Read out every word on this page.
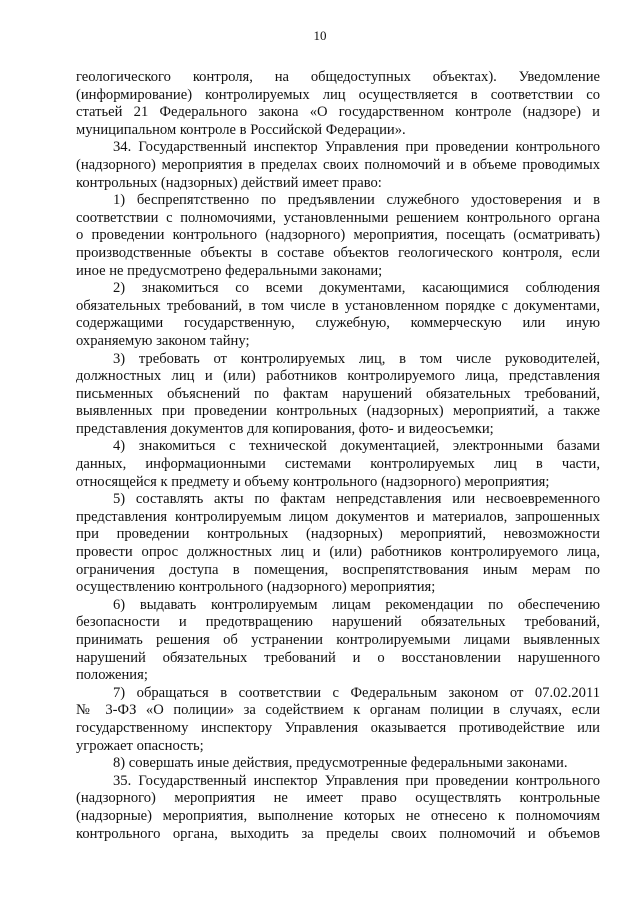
10
геологического контроля, на общедоступных объектах). Уведомление
(информирование) контролируемых лиц осуществляется в соответствии со
статьей 21 Федерального закона «О государственном контроле (надзоре) и
муниципальном контроле в Российской Федерации».
34. Государственный инспектор Управления при проведении контрольного
(надзорного) мероприятия в пределах своих полномочий и в объеме проводимых
контрольных (надзорных) действий имеет право:
1) беспрепятственно по предъявлении служебного удостоверения и в
соответствии с полномочиями, установленными решением контрольного органа
о проведении контрольного (надзорного) мероприятия, посещать (осматривать)
производственные объекты в составе объектов геологического контроля, если
иное не предусмотрено федеральными законами;
2) знакомиться со всеми документами, касающимися соблюдения
обязательных требований, в том числе в установленном порядке с документами,
содержащими государственную, служебную, коммерческую или иную
охраняемую законом тайну;
3) требовать от контролируемых лиц, в том числе руководителей,
должностных лиц и (или) работников контролируемого лица, представления
письменных объяснений по фактам нарушений обязательных требований,
выявленных при проведении контрольных (надзорных) мероприятий, а также
представления документов для копирования, фото- и видеосъемки;
4) знакомиться с технической документацией, электронными базами
данных, информационными системами контролируемых лиц в части,
относящейся к предмету и объему контрольного (надзорного) мероприятия;
5) составлять акты по фактам непредставления или несвоевременного
представления контролируемым лицом документов и материалов, запрошенных
при проведении контрольных (надзорных) мероприятий, невозможности
провести опрос должностных лиц и (или) работников контролируемого лица,
ограничения доступа в помещения, воспрепятствования иным мерам по
осуществлению контрольного (надзорного) мероприятия;
6) выдавать контролируемым лицам рекомендации по обеспечению
безопасности и предотвращению нарушений обязательных требований,
принимать решения об устранении контролируемыми лицами выявленных
нарушений обязательных требований и о восстановлении нарушенного
положения;
7) обращаться в соответствии с Федеральным законом от 07.02.2011
№ 3-ФЗ «О полиции» за содействием к органам полиции в случаях, если
государственному инспектору Управления оказывается противодействие или
угрожает опасность;
8) совершать иные действия, предусмотренные федеральными законами.
35. Государственный инспектор Управления при проведении контрольного
(надзорного) мероприятия не имеет право осуществлять контрольные
(надзорные) мероприятия, выполнение которых не отнесено к полномочиям
контрольного органа, выходить за пределы своих полномочий и объемов
